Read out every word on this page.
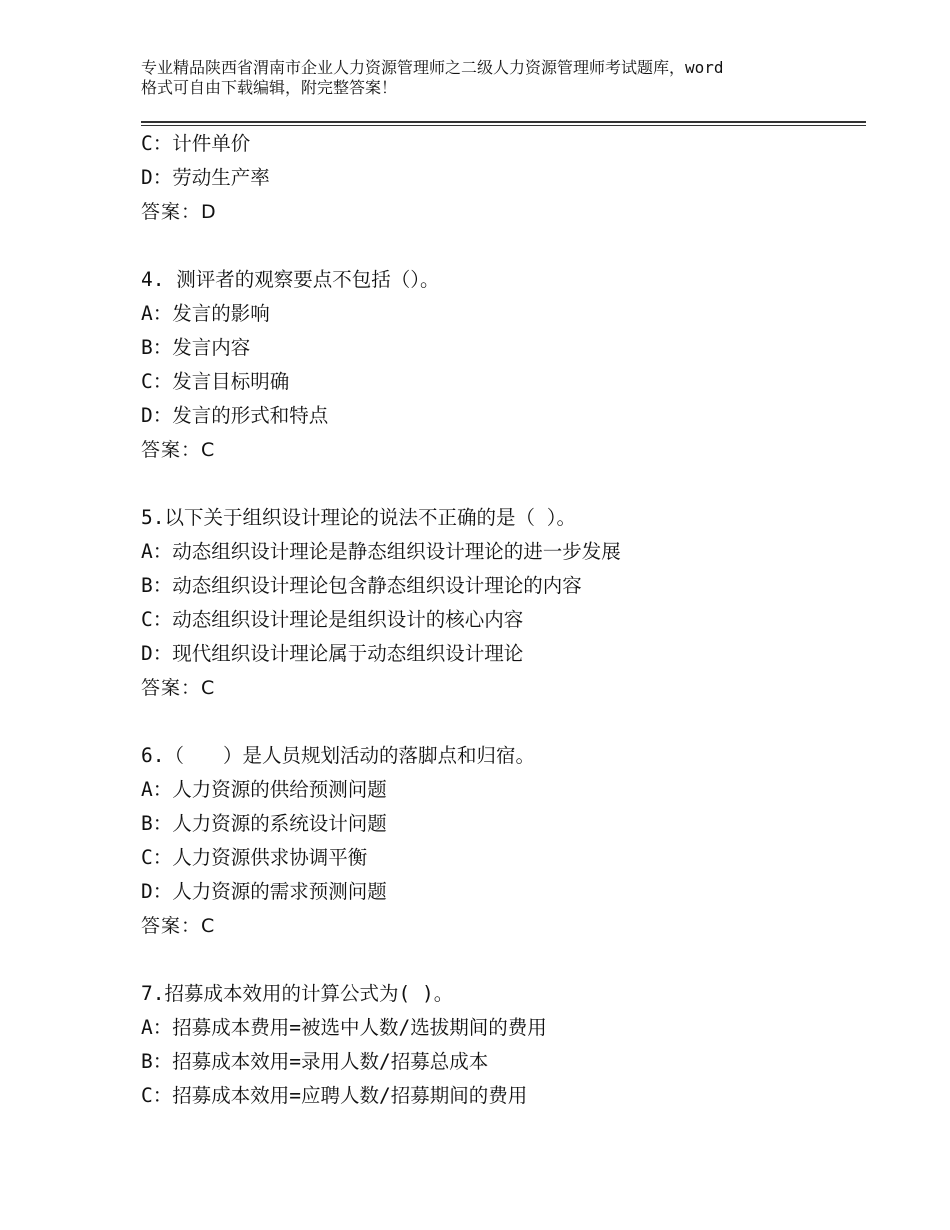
专业精品陕西省渭南市企业人力资源管理师之二级人力资源管理师考试题库，word
格式可自由下载编辑，附完整答案！
C：计件单价
D：劳动生产率
答案：D
4. 测评者的观察要点不包括（）。
A：发言的影响
B：发言内容
C：发言目标明确
D：发言的形式和特点
答案：C
5.以下关于组织设计理论的说法不正确的是（ ）。
A：动态组织设计理论是静态组织设计理论的进一步发展
B：动态组织设计理论包含静态组织设计理论的内容
C：动态组织设计理论是组织设计的核心内容
D：现代组织设计理论属于动态组织设计理论
答案：C
6.（　　）是人员规划活动的落脚点和归宿。
A：人力资源的供给预测问题
B：人力资源的系统设计问题
C：人力资源供求协调平衡
D：人力资源的需求预测问题
答案：C
7.招募成本效用的计算公式为( )。
A：招募成本费用=被选中人数/选拔期间的费用
B：招募成本效用=录用人数/招募总成本
C：招募成本效用=应聘人数/招募期间的费用
